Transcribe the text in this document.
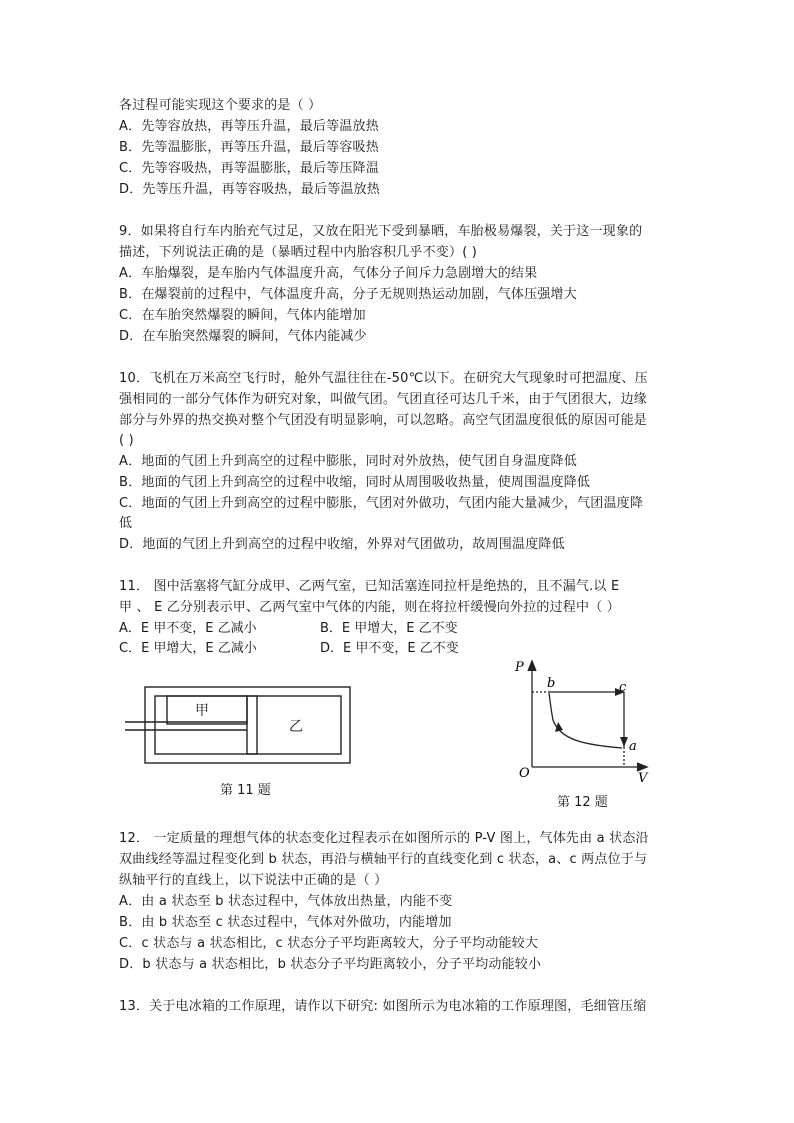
各过程可能实现这个要求的是（ ）
A．先等容放热，再等压升温，最后等温放热
B．先等温膨胀，再等压升温，最后等容吸热
C．先等容吸热，再等温膨胀，最后等压降温
D．先等压升温，再等容吸热，最后等温放热
9．如果将自行车内胎充气过足，又放在阳光下受到暴晒，车胎极易爆裂，关于这一现象的
描述，下列说法正确的是（暴晒过程中内胎容积几乎不变）( )
A．车胎爆裂，是车胎内气体温度升高，气体分子间斥力急剧增大的结果
B．在爆裂前的过程中，气体温度升高，分子无规则热运动加剧，气体压强增大
C．在车胎突然爆裂的瞬间，气体内能增加
D．在车胎突然爆裂的瞬间，气体内能减少
10．飞机在万米高空飞行时，舱外气温往往在-50℃以下。在研究大气现象时可把温度、压
强相同的一部分气体作为研究对象，叫做气团。气团直径可达几千米，由于气团很大，边缘
部分与外界的热交换对整个气团没有明显影响，可以忽略。高空气团温度很低的原因可能是
( )
A．地面的气团上升到高空的过程中膨胀，同时对外放热，使气团自身温度降低
B．地面的气团上升到高空的过程中收缩，同时从周围吸收热量，使周围温度降低
C．地面的气团上升到高空的过程中膨胀，气团对外做功，气团内能大量减少，气团温度降
低
D．地面的气团上升到高空的过程中收缩，外界对气团做功，故周围温度降低
11． 图中活塞将气缸分成甲、乙两气室，已知活塞连同拉杆是绝热的，且不漏气.以 E
甲 、 E 乙分别表示甲、乙两气室中气体的内能，则在将拉杆缓慢向外拉的过程中（ ）
A．E 甲不变，E 乙减小	B．E 甲增大，E 乙不变
C．E 甲增大，E 乙减小	D．E 甲不变，E 乙不变
甲
乙
第 11 题
P
V
O
b	c
a
第 12 题
12． 一定质量的理想气体的状态变化过程表示在如图所示的 P-V 图上，气体先由 a 状态沿
双曲线经等温过程变化到 b 状态，再沿与横轴平行的直线变化到 c 状态，a、c 两点位于与
纵轴平行的直线上，以下说法中正确的是（ ）
A．由 a 状态至 b 状态过程中，气体放出热量，内能不变
B．由 b 状态至 c 状态过程中，气体对外做功，内能增加
C．c 状态与 a 状态相比，c 状态分子平均距离较大，分子平均动能较大
D．b 状态与 a 状态相比，b 状态分子平均距离较小，分子平均动能较小
13．关于电冰箱的工作原理，请作以下研究: 如图所示为电冰箱的工作原理图，毛细管压缩
